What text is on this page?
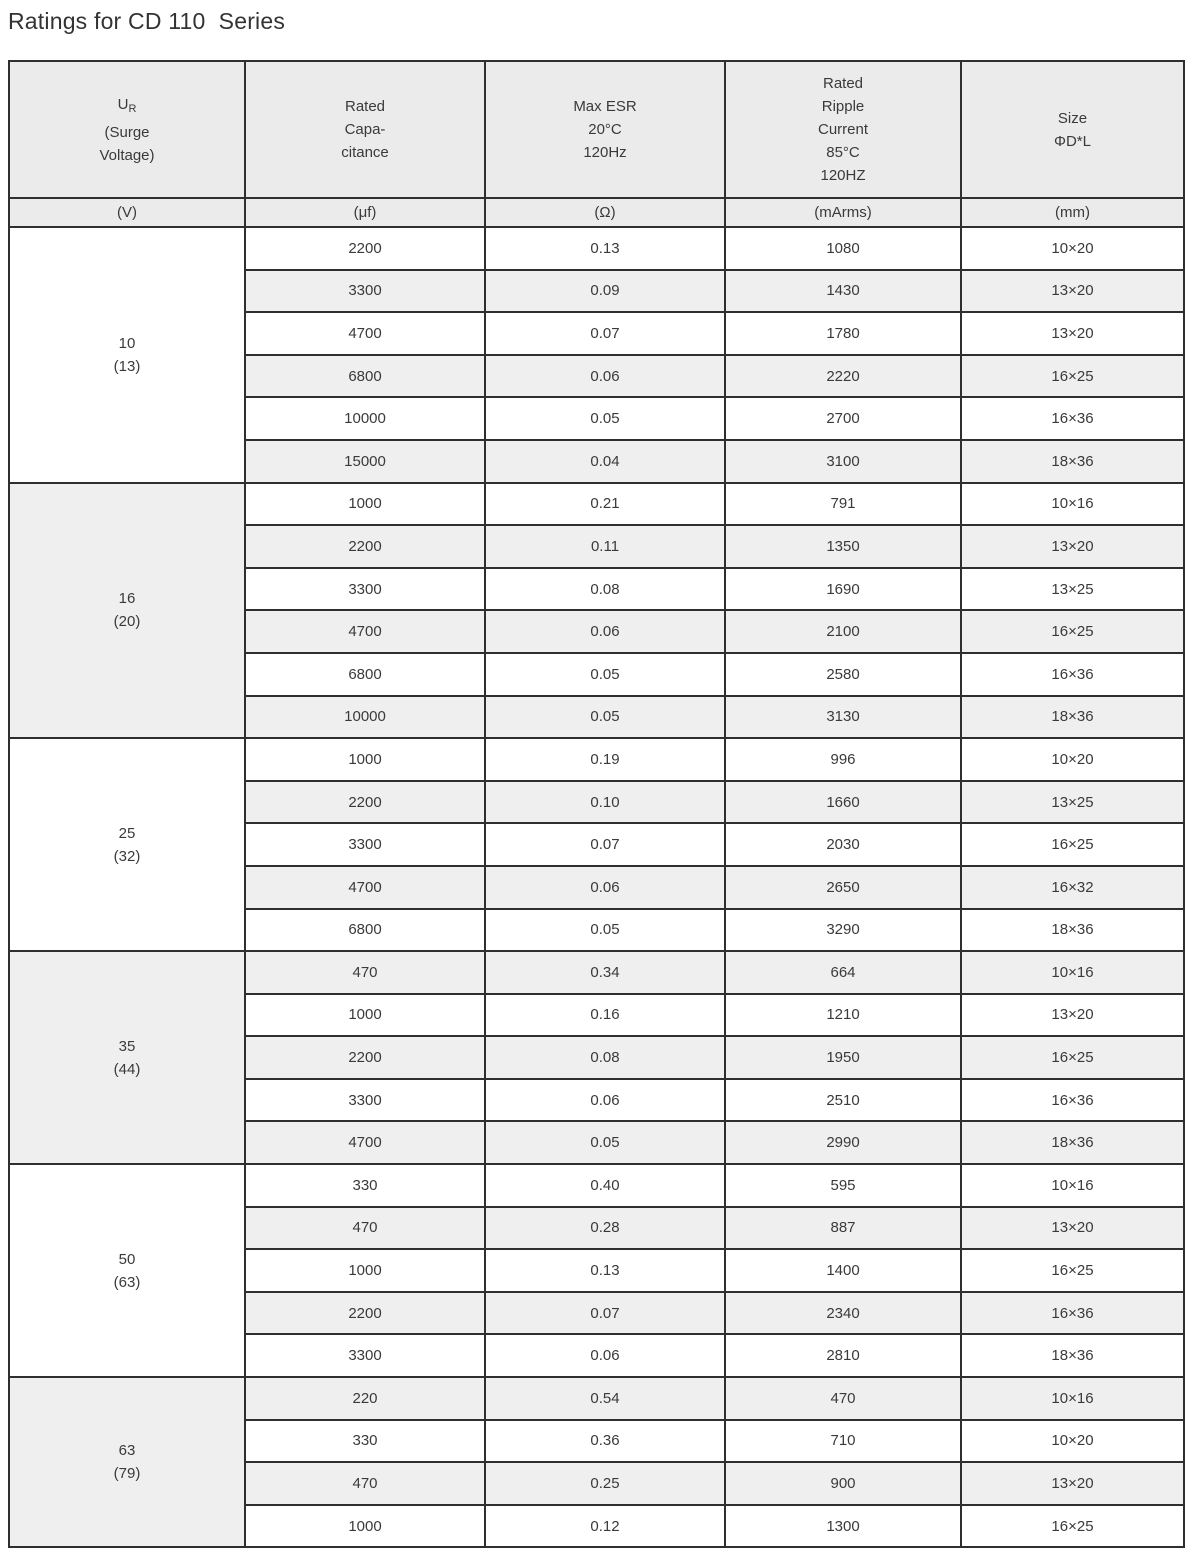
Ratings for CD 110  Series
$U_R$
(Surge
Voltage)

Rated
Capa-
citance

Max ESR
20°C
120Hz

Rated
Ripple
Current
85°C
120HZ

Size
ΦD*L

(V)	(μf)	(Ω)	(mArms)	(mm)

10
(13)	2200	0.13	1080	10×20
	3300	0.09	1430	13×20
	4700	0.07	1780	13×20
	6800	0.06	2220	16×25
	10000	0.05	2700	16×36
	15000	0.04	3100	18×36

16
(20)	1000	0.21	791	10×16
	2200	0.11	1350	13×20
	3300	0.08	1690	13×25
	4700	0.06	2100	16×25
	6800	0.05	2580	16×36
	10000	0.05	3130	18×36

25
(32)	1000	0.19	996	10×20
	2200	0.10	1660	13×25
	3300	0.07	2030	16×25
	4700	0.06	2650	16×32
	6800	0.05	3290	18×36

35
(44)	470	0.34	664	10×16
	1000	0.16	1210	13×20
	2200	0.08	1950	16×25
	3300	0.06	2510	16×36
	4700	0.05	2990	18×36

50
(63)	330	0.40	595	10×16
	470	0.28	887	13×20
	1000	0.13	1400	16×25
	2200	0.07	2340	16×36
	3300	0.06	2810	18×36

63
(79)	220	0.54	470	10×16
	330	0.36	710	10×20
	470	0.25	900	13×20
	1000	0.12	1300	16×25
